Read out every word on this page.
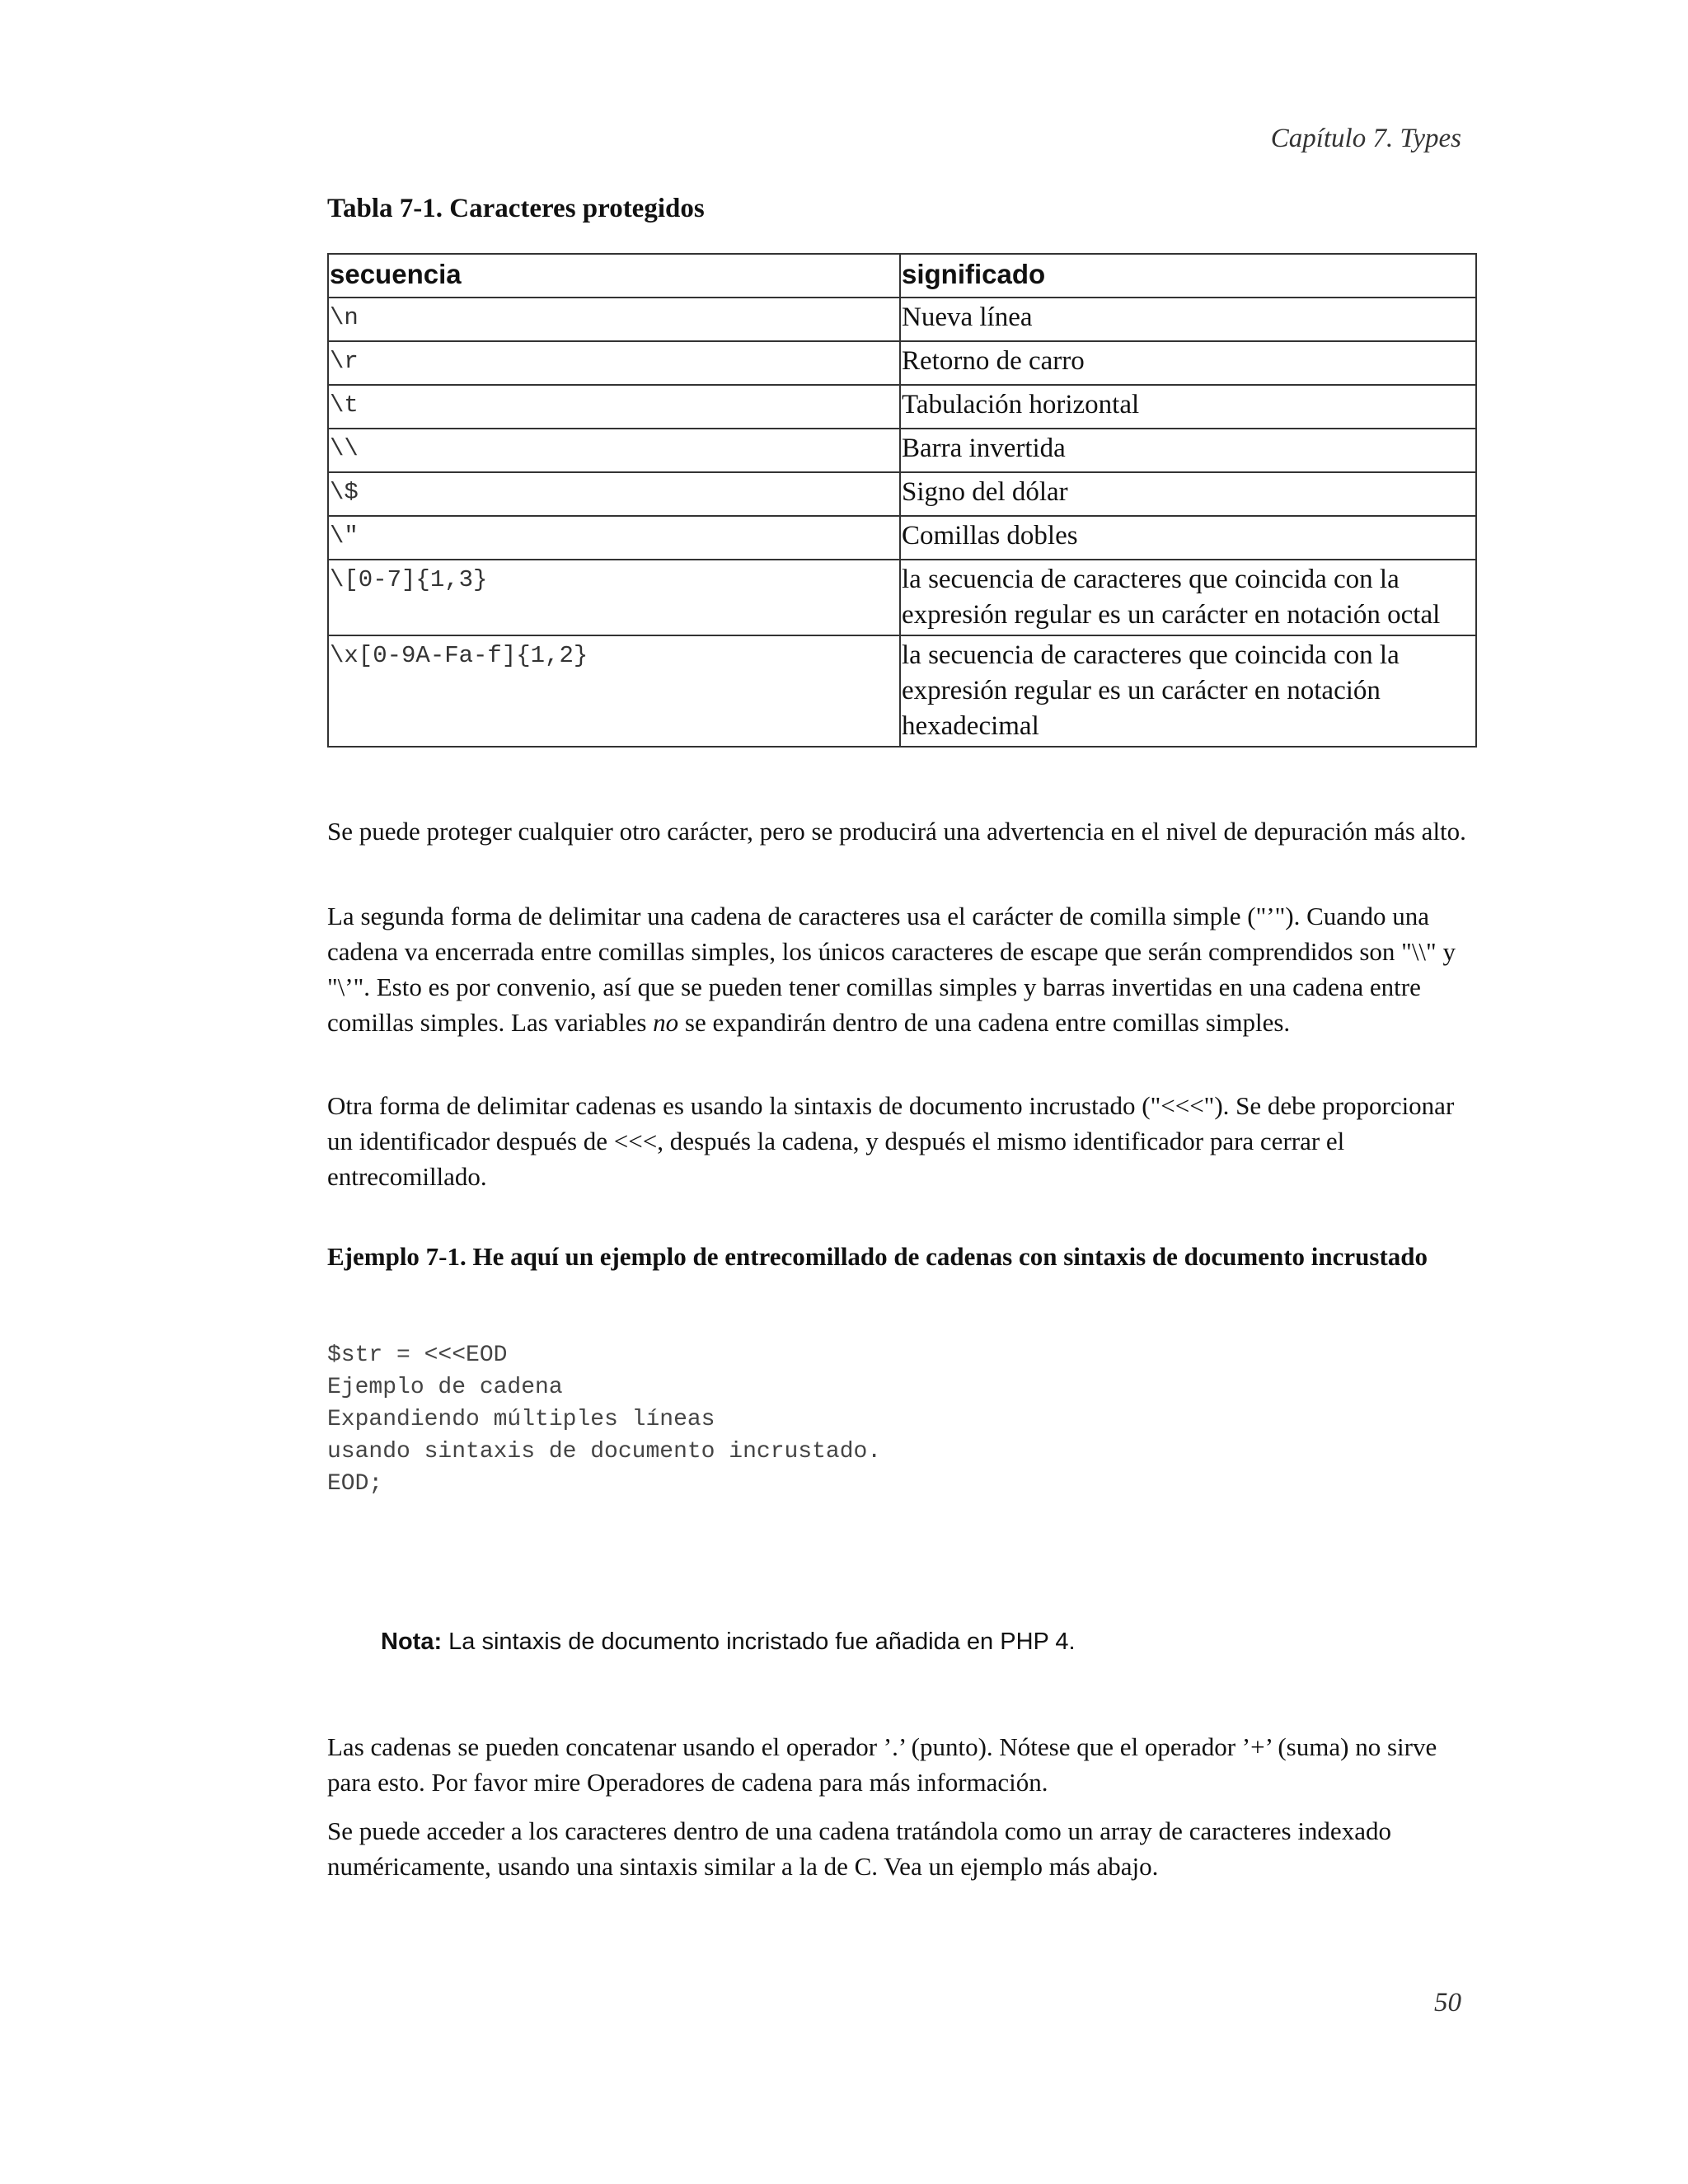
Capítulo 7. Types
Tabla 7-1. Caracteres protegidos
secuencia	significado
\n	Nueva línea
\r	Retorno de carro
\t	Tabulación horizontal
\\	Barra invertida
\$	Signo del dólar
\"	Comillas dobles
\[0-7]{1,3}	la secuencia de caracteres que coincida con la expresión regular es un carácter en notación octal
\x[0-9A-Fa-f]{1,2}	la secuencia de caracteres que coincida con la expresión regular es un carácter en notación hexadecimal

Se puede proteger cualquier otro carácter, pero se producirá una advertencia en el nivel de depuración más alto.

La segunda forma de delimitar una cadena de caracteres usa el carácter de comilla simple ("’"). Cuando una cadena va encerrada entre comillas simples, los únicos caracteres de escape que serán comprendidos son "\\" y "\’". Esto es por convenio, así que se pueden tener comillas simples y barras invertidas en una cadena entre comillas simples. Las variables no se expandirán dentro de una cadena entre comillas simples.

Otra forma de delimitar cadenas es usando la sintaxis de documento incrustado ("<<<"). Se debe proporcionar un identificador después de <<<, después la cadena, y después el mismo identificador para cerrar el entrecomillado.

Ejemplo 7-1. He aquí un ejemplo de entrecomillado de cadenas con sintaxis de documento incrustado

$str = <<<EOD
Ejemplo de cadena
Expandiendo múltiples líneas
usando sintaxis de documento incrustado.
EOD;
Nota: La sintaxis de documento incristado fue añadida en PHP 4.

Las cadenas se pueden concatenar usando el operador ’.’ (punto). Nótese que el operador ’+’ (suma) no sirve para esto. Por favor mire Operadores de cadena para más información.

Se puede acceder a los caracteres dentro de una cadena tratándola como un array de caracteres indexado numéricamente, usando una sintaxis similar a la de C. Vea un ejemplo más abajo.

50
